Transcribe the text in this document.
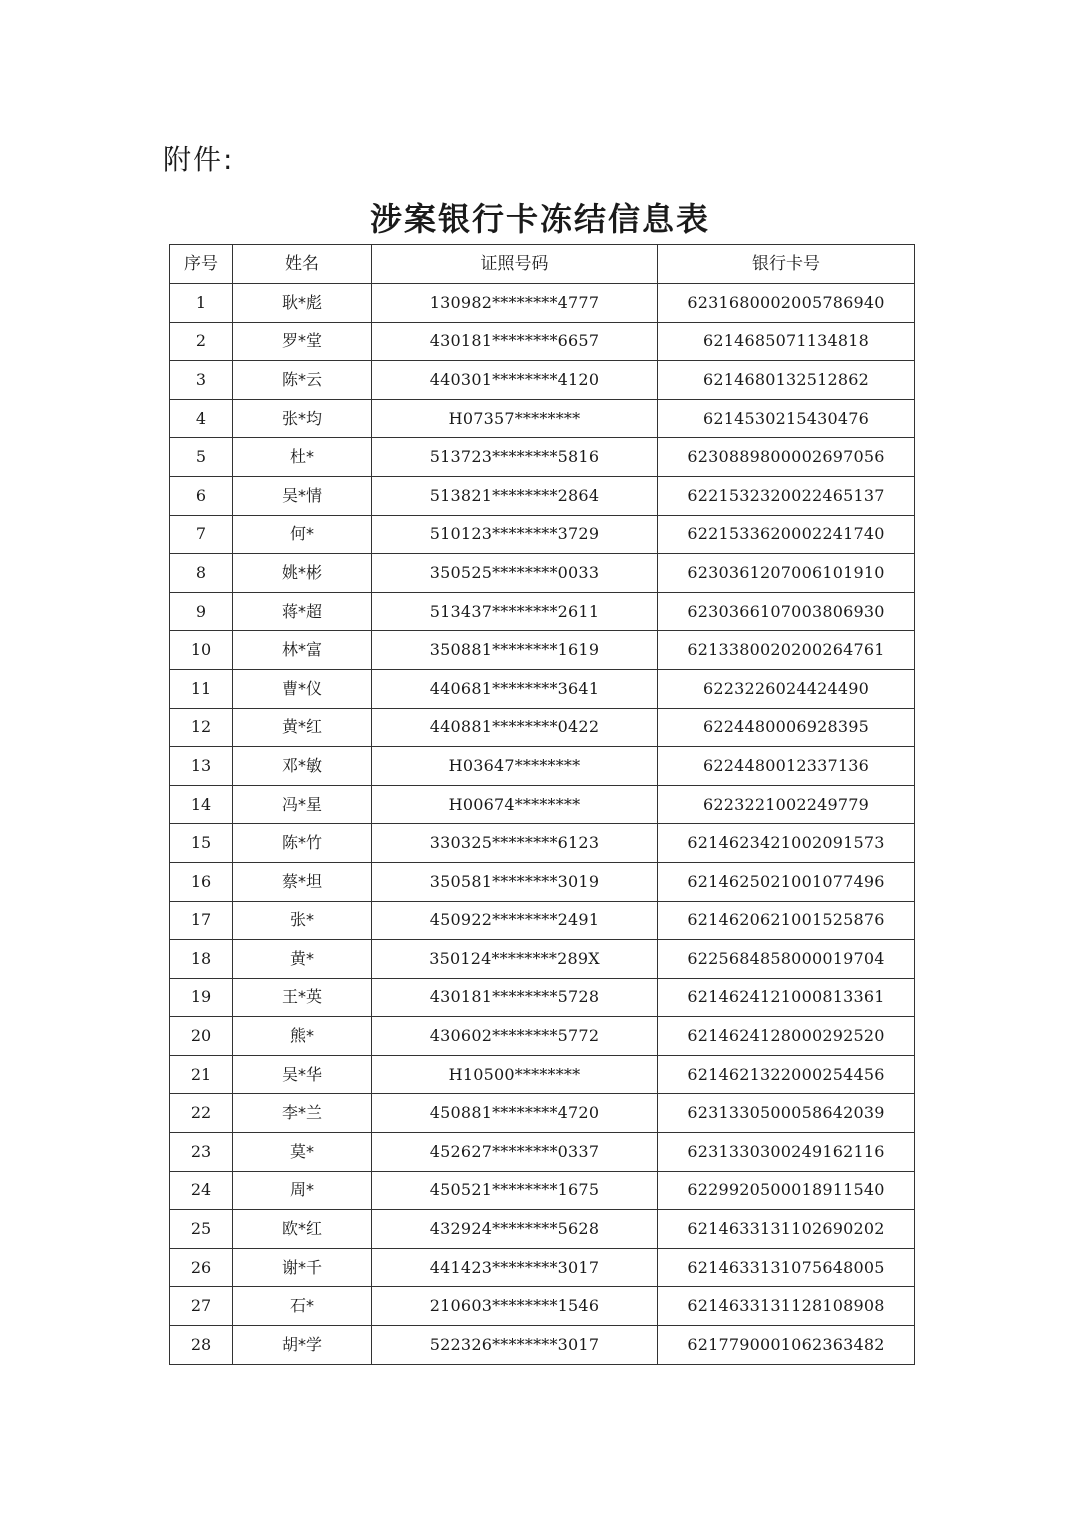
附件:
涉案银行卡冻结信息表
序号	姓名	证照号码	银行卡号
1	耿*彪	130982********4777	6231680002005786940
2	罗*堂	430181********6657	6214685071134818
3	陈*云	440301********4120	6214680132512862
4	张*均	H07357********	6214530215430476
5	杜*	513723********5816	6230889800002697056
6	吴*情	513821********2864	6221532320022465137
7	何*	510123********3729	6221533620002241740
8	姚*彬	350525********0033	6230361207006101910
9	蒋*超	513437********2611	6230366107003806930
10	林*富	350881********1619	6213380020200264761
11	曹*仪	440681********3641	6223226024424490
12	黄*红	440881********0422	6224480006928395
13	邓*敏	H03647********	6224480012337136
14	冯*星	H00674********	6223221002249779
15	陈*竹	330325********6123	6214623421002091573
16	蔡*坦	350581********3019	6214625021001077496
17	张*	450922********2491	6214620621001525876
18	黄*	350124********289X	6225684858000019704
19	王*英	430181********5728	6214624121000813361
20	熊*	430602********5772	6214624128000292520
21	吴*华	H10500********	6214621322000254456
22	李*兰	450881********4720	6231330500058642039
23	莫*	452627********0337	6231330300249162116
24	周*	450521********1675	6229920500018911540
25	欧*红	432924********5628	6214633131102690202
26	谢*千	441423********3017	6214633131075648005
27	石*	210603********1546	6214633131128108908
28	胡*学	522326********3017	6217790001062363482
